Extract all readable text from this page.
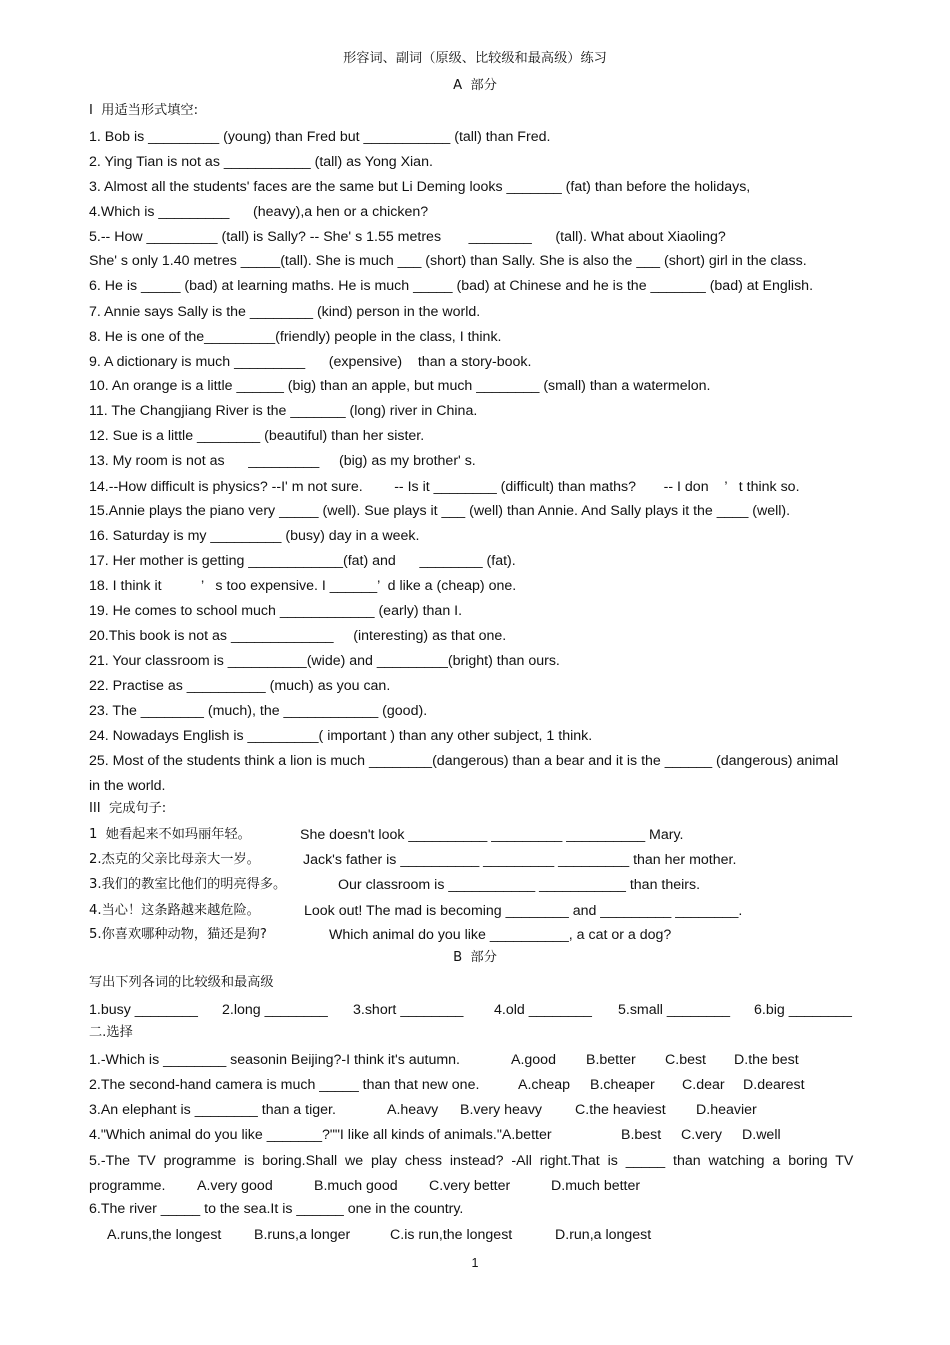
形容词、副词（原级、比较级和最高级）练习
A  部分
I  用适当形式填空:
1. Bob is _________ (young) than Fred but ___________ (tall) than Fred.
2. Ying Tian is not as ___________ (tall) as Yong Xian.
3. Almost all the students' faces are the same but Li Deming looks _______ (fat) than before the holidays,
4.Which is _________      (heavy),a hen or a chicken?
5.-- How _________ (tall) is Sally? -- She' s 1.55 metres       ________      (tall). What about Xiaoling?
She' s only 1.40 metres _____(tall). She is much ___ (short) than Sally. She is also the ___ (short) girl in the class.
6. He is _____ (bad) at learning maths. He is much _____ (bad) at Chinese and he is the _______ (bad) at English.
7. Annie says Sally is the ________ (kind) person in the world.
8. He is one of the_________(friendly) people in the class, I think.
9. A dictionary is much _________      (expensive)    than a story-book.
10. An orange is a little ______ (big) than an apple, but much ________ (small) than a watermelon.
11. The Changjiang River is the _______ (long) river in China.
12. Sue is a little ________ (beautiful) than her sister.
13. My room is not as      _________     (big) as my brother' s.
14.--How difficult is physics? --I' m not sure.        -- Is it ________ (difficult) than maths?       -- I don    ’   t think so.
15.Annie plays the piano very _____ (well). Sue plays it ___ (well) than Annie. And Sally plays it the ____ (well).
16. Saturday is my _________ (busy) day in a week.
17. Her mother is getting ____________(fat) and      ________ (fat).
18. I think it          ’   s too expensive. I ______’  d like a (cheap) one.
19. He comes to school much ____________ (early) than I.
20.This book is not as _____________     (interesting) as that one.
21. Your classroom is __________(wide) and _________(bright) than ours.
22. Practise as __________ (much) as you can.
23. The ________ (much), the ____________ (good).
24. Nowadays English is _________( important ) than any other subject, 1 think.
25. Most of the students think a lion is much ________(dangerous) than a bear and it is the ______ (dangerous) animal
in the world.
III  完成句子:
1  她看起来不如玛丽年轻。	She doesn't look __________ _________ __________ Mary.
2.杰克的父亲比母亲大一岁。	Jack's father is __________ _________ _________ than her mother.
3.我们的教室比他们的明亮得多。	Our classroom is ___________ ___________ than theirs.
4.当心！这条路越来越危险。	Look out! The mad is becoming ________ and _________ ________.
5.你喜欢哪种动物，猫还是狗?	Which animal do you like __________, a cat or a dog?
B  部分
写出下列各词的比较级和最高级
1.busy ________ 2.long ________ 3.short ________ 4.old ________ 5.small ________ 6.big ________
二.选择
1.-Which is ________ seasonin Beijing?-I think it's autumn.	A.good B.better C.best D.the best
2.The second-hand camera is much _____ than that new one.	A.cheap B.cheaper C.dear D.dearest
3.An elephant is ________ than a tiger.	A.heavy B.very heavy C.the heaviest D.heavier
4."Which animal do you like _______?""I like all kinds of animals."A.better	B.best C.very D.well
5.-The  TV  programme  is  boring.Shall  we  play  chess  instead?  -All  right.That  is  _____  than  watching  a  boring  TV
programme. A.very good	B.much good C.very better	D.much better
6.The river _____ to the sea.It is ______ one in the country.
A.runs,the longest B.runs,a longer	C.is run,the longest	D.run,a longest
1
